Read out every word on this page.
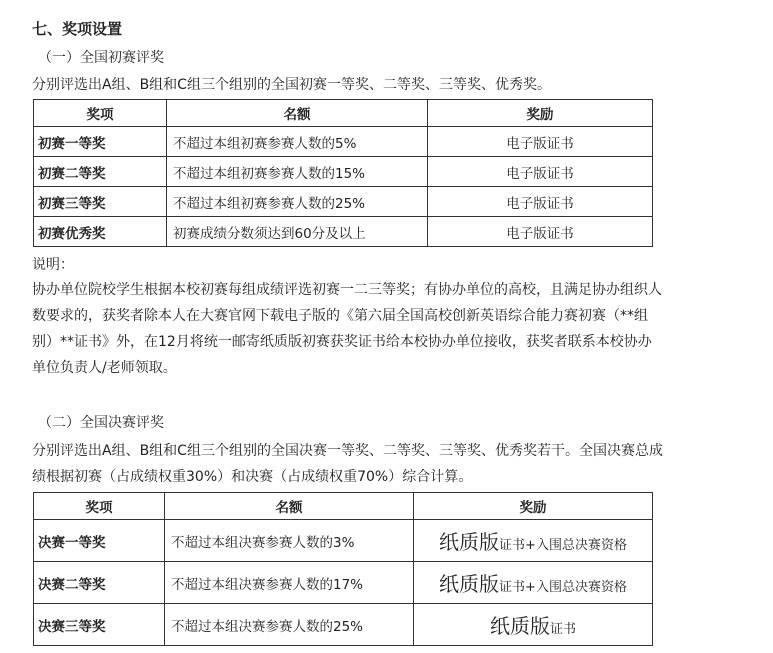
七、奖项设置
（一）全国初赛评奖
分别评选出A组、B组和C组三个组别的全国初赛一等奖、二等奖、三等奖、优秀奖。
奖项	名额	奖励
初赛一等奖	不超过本组初赛参赛人数的5%	电子版证书
初赛二等奖	不超过本组初赛参赛人数的15%	电子版证书
初赛三等奖	不超过本组初赛参赛人数的25%	电子版证书
初赛优秀奖	初赛成绩分数须达到60分及以上	电子版证书
说明：
协办单位院校学生根据本校初赛每组成绩评选初赛一二三等奖；有协办单位的高校，且满足协办组织人
数要求的，获奖者除本人在大赛官网下载电子版的《第六届全国高校创新英语综合能力赛初赛（**组
别）**证书》外，在12月将统一邮寄纸质版初赛获奖证书给本校协办单位接收，获奖者联系本校协办
单位负责人/老师领取。
（二）全国决赛评奖
分别评选出A组、B组和C组三个组别的全国决赛一等奖、二等奖、三等奖、优秀奖若干。全国决赛总成
绩根据初赛（占成绩权重30%）和决赛（占成绩权重70%）综合计算。
奖项	名额	奖励
决赛一等奖	不超过本组决赛参赛人数的3%	纸质版证书+入围总决赛资格
决赛二等奖	不超过本组决赛参赛人数的17%	纸质版证书+入围总决赛资格
决赛三等奖	不超过本组决赛参赛人数的25%	纸质版证书
